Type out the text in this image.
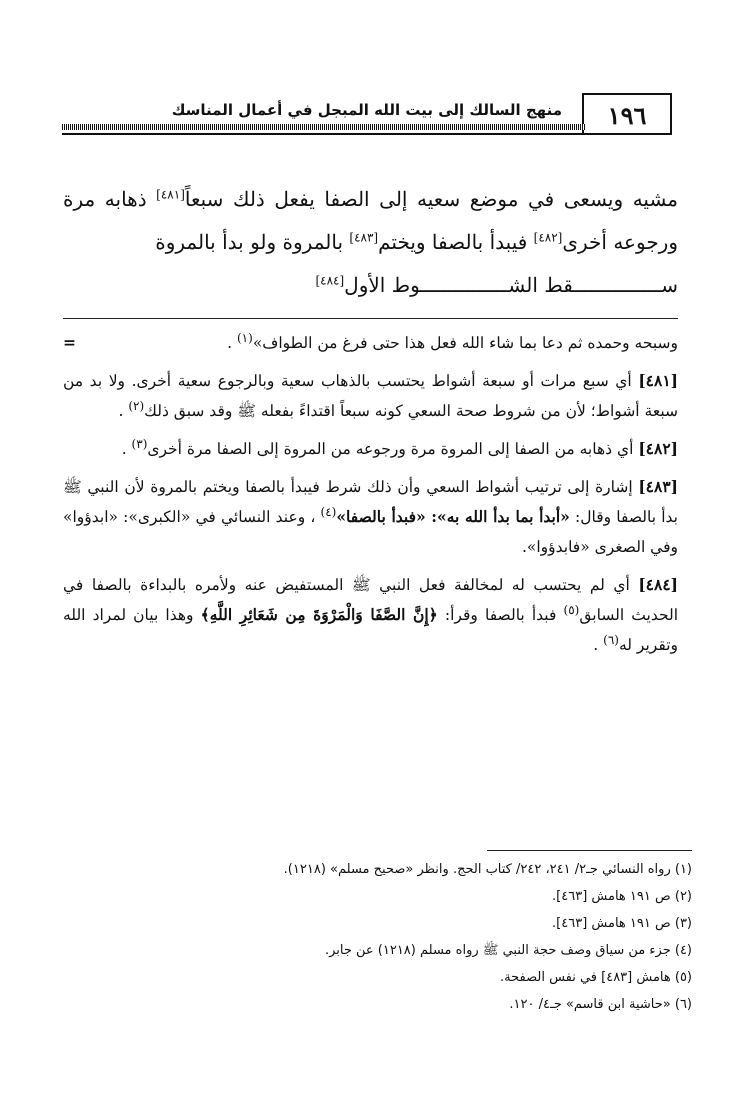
١٩٦
منهج السالك إلى بيت الله المبجل في أعمال المناسك

مشيه ويسعى في موضع سعيه إلى الصفا يفعل ذلك سبعاً[٤٨١] ذهابه مرة ورجوعه أخرى[٤٨٢] فيبدأ بالصفا ويختم[٤٨٣] بالمروة ولو بدأ بالمروة

ســـــــــــــــقط الشـــــــــــــــوط الأول[٤٨٤]

=	وسبحه وحمده ثم دعا بما شاء الله فعل هذا حتى فرغ من الطواف»$^{(١)}$ .

[٤٨١] أي سبع مرات أو سبعة أشواط يحتسب بالذهاب سعية وبالرجوع سعية أخرى. ولا بد من سبعة أشواط؛ لأن من شروط صحة السعي كونه سبعاً اقتداءً بفعله ﷺ وقد سبق ذلك$^{(٢)}$ .

[٤٨٢] أي ذهابه من الصفا إلى المروة مرة ورجوعه من المروة إلى الصفا مرة أخرى$^{(٣)}$ .

[٤٨٣] إشارة إلى ترتيب أشواط السعي وأن ذلك شرط فيبدأ بالصفا ويختم بالمروة لأن النبي ﷺ بدأ بالصفا وقال: «أبدأ بما بدأ الله به»: «فبدأ بالصفا»$^{(٤)}$ ، وعند النسائي في «الكبرى»: «ابدؤوا» وفي الصغرى «فابدؤوا».

[٤٨٤] أي لم يحتسب له لمخالفة فعل النبي ﷺ المستفيض عنه ولأمره بالبداءة بالصفا في الحديث السابق$^{(٥)}$ فبدأ بالصفا وقرأ: ﴿إِنَّ الصَّفَا وَالْمَرْوَةَ مِن شَعَائِرِ اللَّهِ﴾ وهذا بيان لمراد الله وتقرير له$^{(٦)}$ .

(١) رواه النسائي جـ٢/ ٢٤١، ٢٤٢/ كتاب الحج. وانظر «صحيح مسلم» (١٢١٨).
(٢) ص ١٩١ هامش [٤٦٣].
(٣) ص ١٩١ هامش [٤٦٣].
(٤) جزء من سياق وصف حجة النبي ﷺ رواه مسلم (١٢١٨) عن جابر.
(٥) هامش [٤٨٣] في نفس الصفحة.
(٦) «حاشية ابن قاسم» جـ٤/ ١٢٠.
